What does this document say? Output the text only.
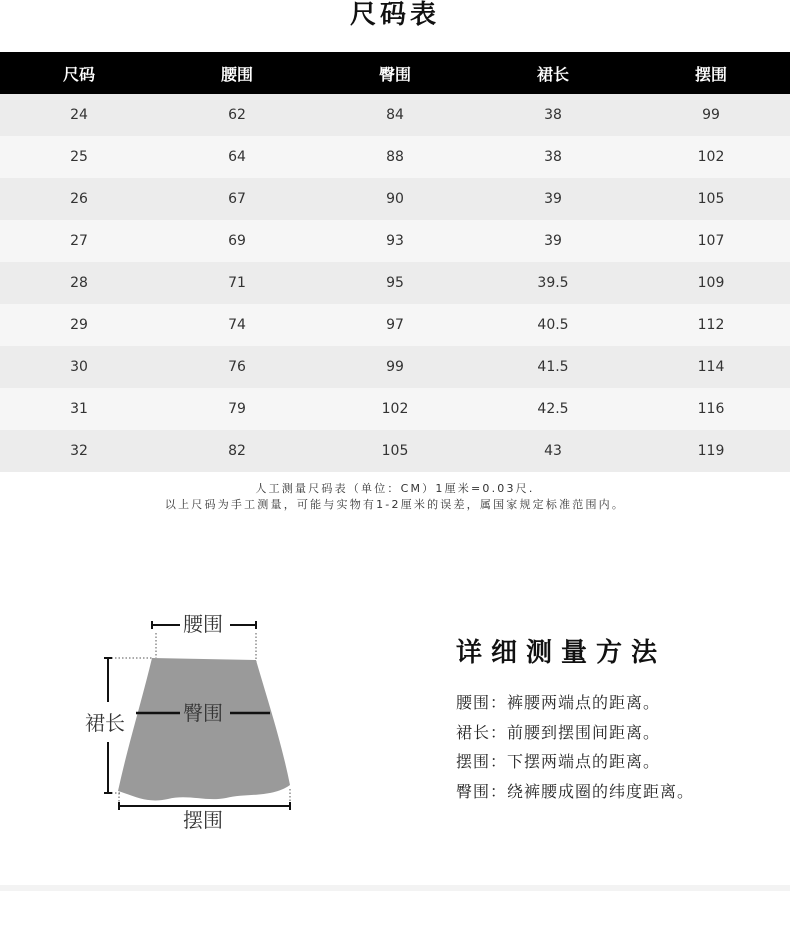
尺码表
尺码	腰围	臀围	裙长	摆围
24	62	84	38	99
25	64	88	38	102
26	67	90	39	105
27	69	93	39	107
28	71	95	39.5	109
29	74	97	40.5	112
30	76	99	41.5	114
31	79	102	42.5	116
32	82	105	43	119
人工测量尺码表（单位：CM）1厘米=0.03尺.
以上尺码为手工测量，可能与实物有1-2厘米的误差，属国家规定标准范围内。
腰围
臀围
裙长
摆围
详细测量方法
腰围：裤腰两端点的距离。
裙长：前腰到摆围间距离。
摆围：下摆两端点的距离。
臀围：绕裤腰成圈的纬度距离。
